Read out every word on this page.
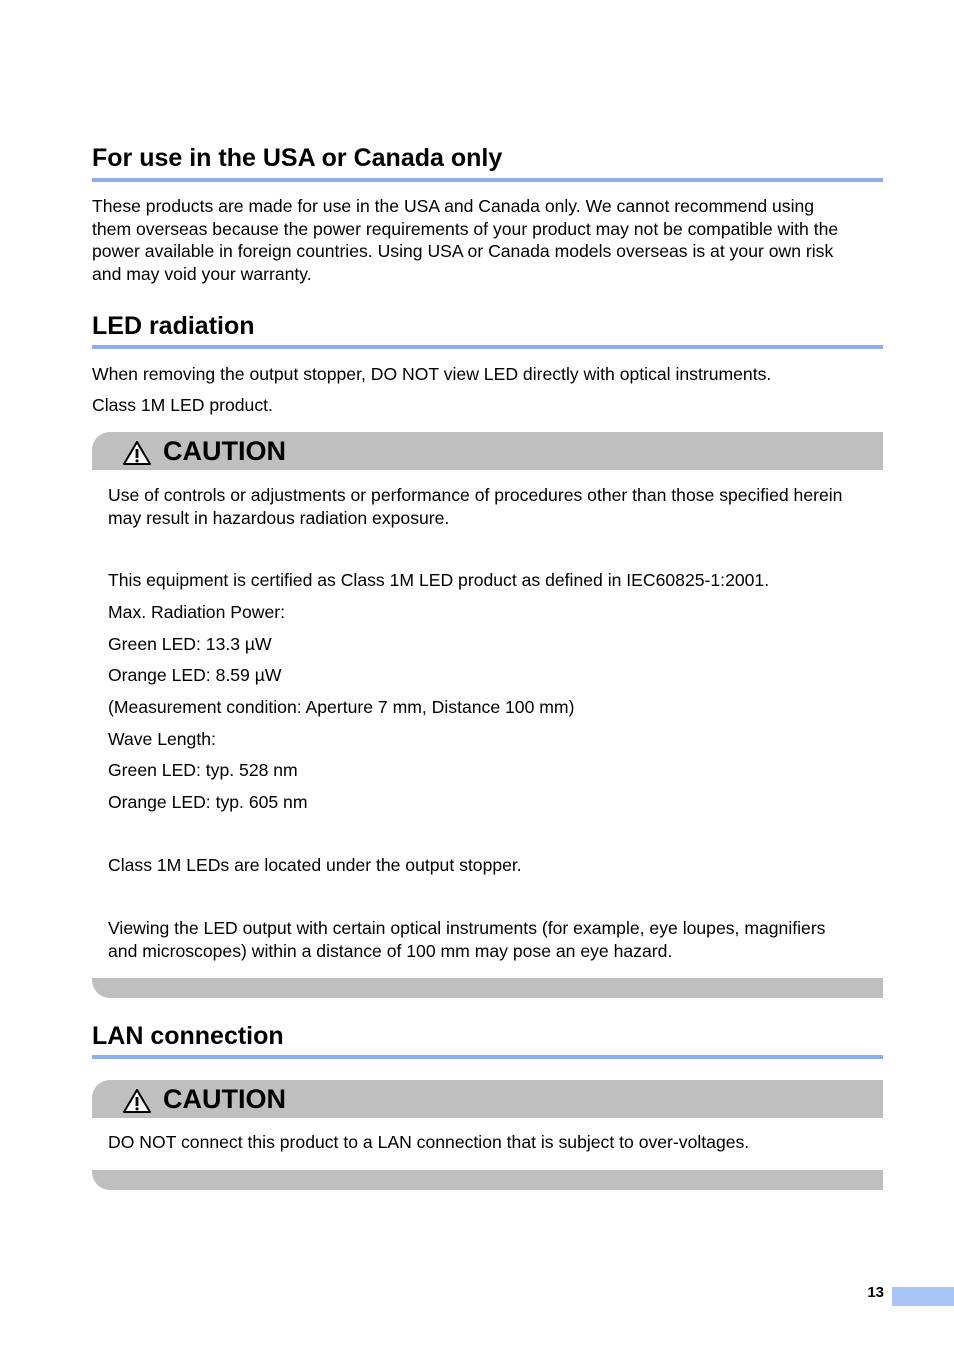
For use in the USA or Canada only

These products are made for use in the USA and Canada only. We cannot recommend using
them overseas because the power requirements of your product may not be compatible with the
power available in foreign countries. Using USA or Canada models overseas is at your own risk
and may void your warranty.

LED radiation

When removing the output stopper, DO NOT view LED directly with optical instruments.

Class 1M LED product.

CAUTION

Use of controls or adjustments or performance of procedures other than those specified herein
may result in hazardous radiation exposure.

This equipment is certified as Class 1M LED product as defined in IEC60825-1:2001.

Max. Radiation Power:

Green LED: 13.3 µW

Orange LED: 8.59 µW

(Measurement condition: Aperture 7 mm, Distance 100 mm)

Wave Length:

Green LED: typ. 528 nm

Orange LED: typ. 605 nm

Class 1M LEDs are located under the output stopper.

Viewing the LED output with certain optical instruments (for example, eye loupes, magnifiers
and microscopes) within a distance of 100 mm may pose an eye hazard.

LAN connection
CAUTION

DO NOT connect this product to a LAN connection that is subject to over-voltages.

13
